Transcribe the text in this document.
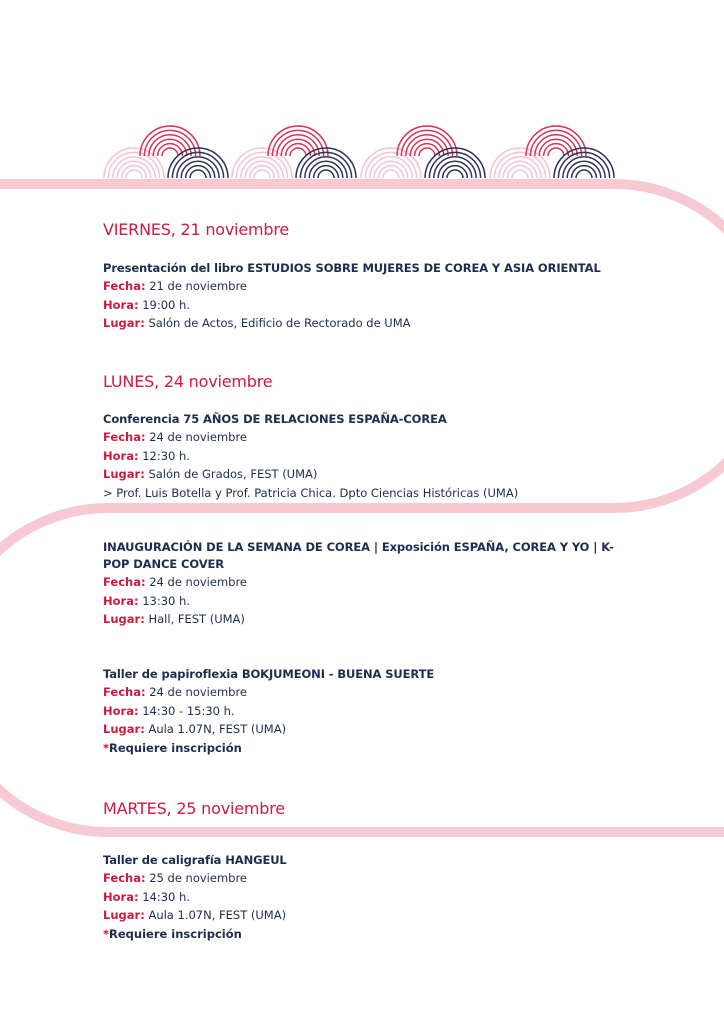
VIERNES, 21 noviembre

Presentación del libro ESTUDIOS SOBRE MUJERES DE COREA Y ASIA ORIENTAL

Fecha: 21 de noviembre
Hora: 19:00 h.
Lugar: Salón de Actos, Edificio de Rectorado de UMA
LUNES, 24 noviembre

Conferencia 75 AÑOS DE RELACIONES ESPAÑA-COREA

Fecha: 24 de noviembre
Hora: 12:30 h.
Lugar: Salón de Grados, FEST (UMA)
> Prof. Luis Botella y Prof. Patricia Chica. Dpto Ciencias Históricas (UMA)

INAUGURACIÓN DE LA SEMANA DE COREA | Exposición ESPAÑA, COREA Y YO | K-POP DANCE COVER

Fecha: 24 de noviembre
Hora: 13:30 h.
Lugar: Hall, FEST (UMA)

Taller de papiroflexia BOKJUMEONI - BUENA SUERTE

Fecha: 24 de noviembre
Hora: 14:30 - 15:30 h.
Lugar: Aula 1.07N, FEST (UMA)
*Requiere inscripción
MARTES, 25 noviembre

Taller de caligrafía HANGEUL

Fecha: 25 de noviembre
Hora: 14:30 h.
Lugar: Aula 1.07N, FEST (UMA)
*Requiere inscripción
